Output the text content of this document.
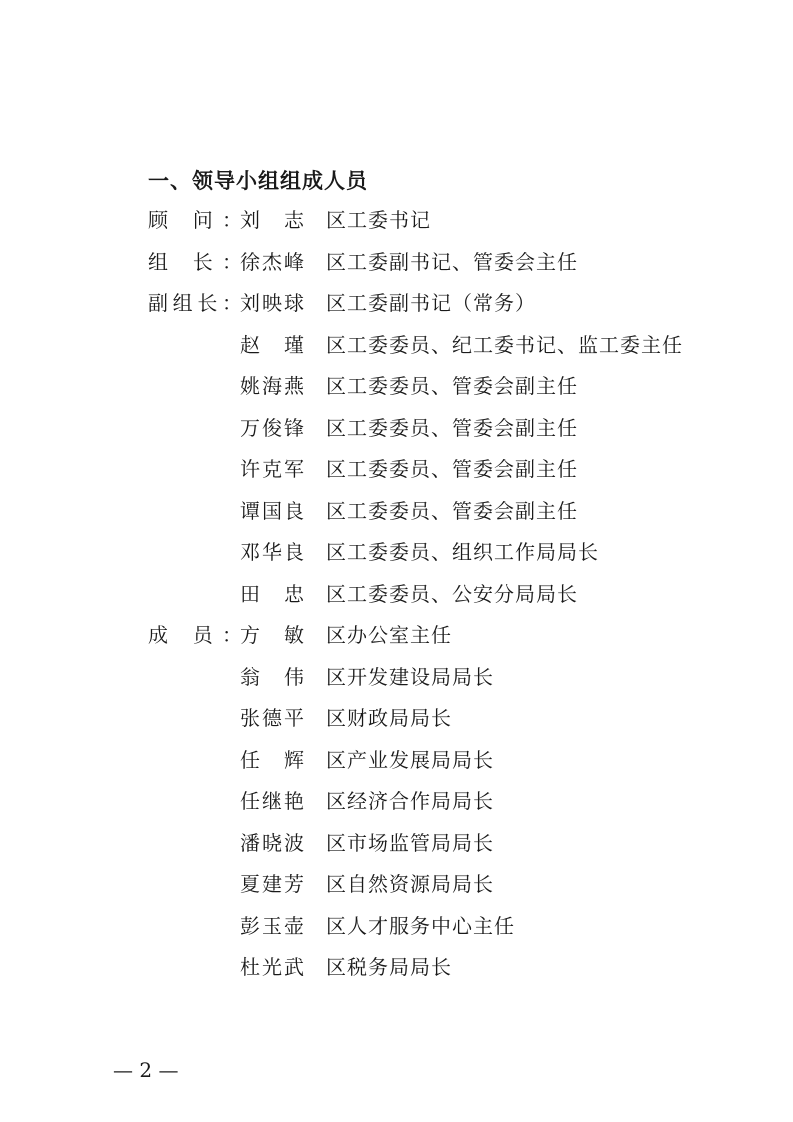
一、领导小组组成人员
顾 问：
刘 志 区工委书记
组 长：
徐杰峰 区工委副书记、管委会主任
副组长：
刘映球 区工委副书记（常务）
赵 瑾 区工委委员、纪工委书记、监工委主任
姚海燕 区工委委员、管委会副主任
万俊锋 区工委委员、管委会副主任
许克军 区工委委员、管委会副主任
谭国良 区工委委员、管委会副主任
邓华良 区工委委员、组织工作局局长
田 忠 区工委委员、公安分局局长
成 员：
方 敏 区办公室主任
翁 伟 区开发建设局局长
张德平 区财政局局长
任 辉 区产业发展局局长
任继艳 区经济合作局局长
潘晓波 区市场监管局局长
夏建芳 区自然资源局局长
彭玉壶 区人才服务中心主任
杜光武 区税务局局长
— 2 —
